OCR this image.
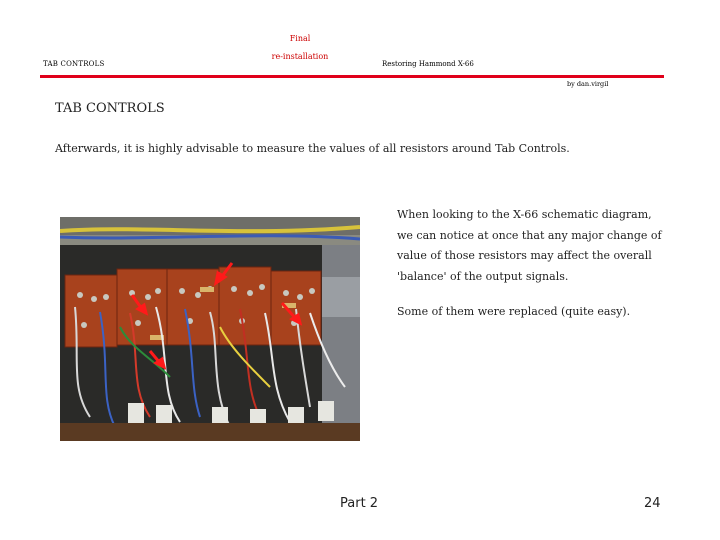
TAB CONTROLS
Final
re-installation
Restoring Hammond X-66
by dan.virgil
TAB CONTROLS
Afterwards, it is highly advisable to measure the values of all resistors around Tab Controls.
When looking to the X-66 schematic diagram, we can notice at once that any major change of value of those resistors may affect the overall 'balance' of the output signals.
Some of them were replaced (quite easy).
Part 2	24
